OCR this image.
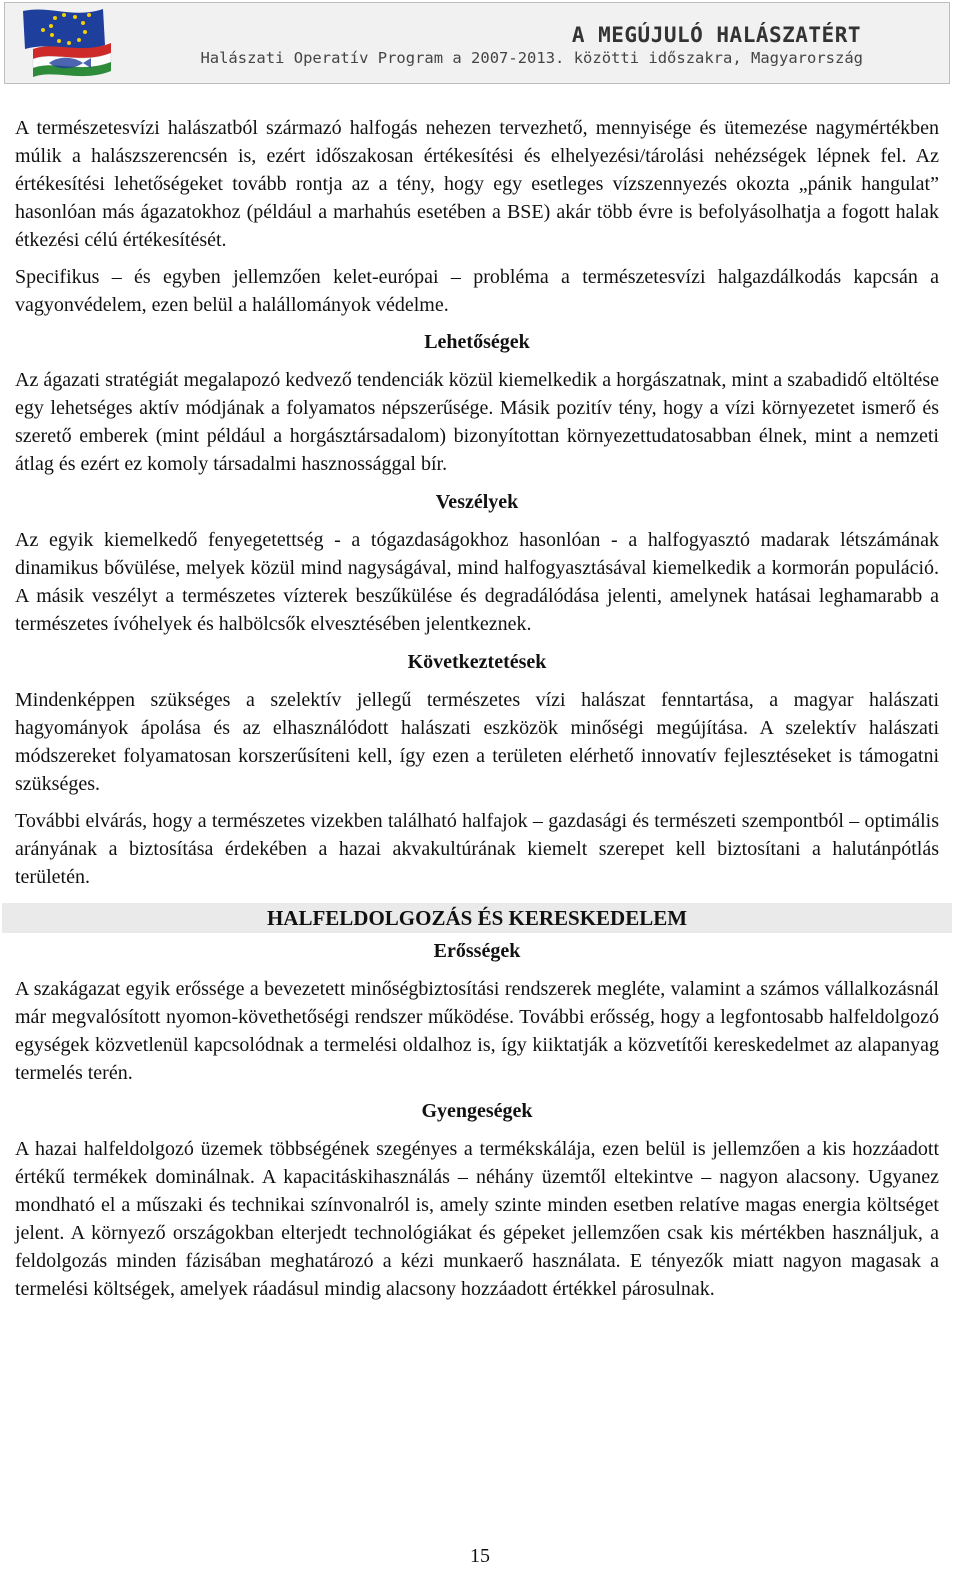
A MEGÚJULÓ HALÁSZATÉRT
Halászati Operatív Program a 2007-2013. közötti időszakra, Magyarország

A természetesvízi halászatból származó halfogás nehezen tervezhető, mennyisége és ütemezése nagymértékben múlik a halászszerencsén is, ezért időszakosan értékesítési és elhelyezési/tárolási nehézségek lépnek fel. Az értékesítési lehetőségeket tovább rontja az a tény, hogy egy esetleges vízszennyezés okozta „pánik hangulat” hasonlóan más ágazatokhoz (például a marhahús esetében a BSE) akár több évre is befolyásolhatja a fogott halak étkezési célú értékesítését.

Specifikus – és egyben jellemzően kelet-európai – probléma a természetesvízi halgazdálkodás kapcsán a vagyonvédelem, ezen belül a halállományok védelme.

Lehetőségek

Az ágazati stratégiát megalapozó kedvező tendenciák közül kiemelkedik a horgászatnak, mint a szabadidő eltöltése egy lehetséges aktív módjának a folyamatos népszerűsége. Másik pozitív tény, hogy a vízi környezetet ismerő és szerető emberek (mint például a horgásztársadalom) bizonyítottan környezettudatosabban élnek, mint a nemzeti átlag és ezért ez komoly társadalmi hasznossággal bír.

Veszélyek

Az egyik kiemelkedő fenyegetettség - a tógazdaságokhoz hasonlóan - a halfogyasztó madarak létszámának dinamikus bővülése, melyek közül mind nagyságával, mind halfogyasztásával kiemelkedik a kormorán populáció. A másik veszélyt a természetes vízterek beszűkülése és degradálódása jelenti, amelynek hatásai leghamarabb a természetes ívóhelyek és halbölcsők elvesztésében jelentkeznek.

Következtetések

Mindenképpen szükséges a szelektív jellegű természetes vízi halászat fenntartása, a magyar halászati hagyományok ápolása és az elhasználódott halászati eszközök minőségi megújítása. A szelektív halászati módszereket folyamatosan korszerűsíteni kell, így ezen a területen elérhető innovatív fejlesztéseket is támogatni szükséges.

További elvárás, hogy a természetes vizekben található halfajok – gazdasági és természeti szempontból – optimális arányának a biztosítása érdekében a hazai akvakultúrának kiemelt szerepet kell biztosítani a halutánpótlás területén.

HALFELDOLGOZÁS ÉS KERESKEDELEM
Erősségek

A szakágazat egyik erőssége a bevezetett minőségbiztosítási rendszerek megléte, valamint a számos vállalkozásnál már megvalósított nyomon-követhetőségi rendszer működése. További erősség, hogy a legfontosabb halfeldolgozó egységek közvetlenül kapcsolódnak a termelési oldalhoz is, így kiiktatják a közvetítői kereskedelmet az alapanyag termelés terén.

Gyengeségek

A hazai halfeldolgozó üzemek többségének szegényes a termékskálája, ezen belül is jellemzően a kis hozzáadott értékű termékek dominálnak. A kapacitáskihasználás – néhány üzemtől eltekintve – nagyon alacsony. Ugyanez mondható el a műszaki és technikai színvonalról is, amely szinte minden esetben relatíve magas energia költséget jelent. A környező országokban elterjedt technológiákat és gépeket jellemzően csak kis mértékben használjuk, a feldolgozás minden fázisában meghatározó a kézi munkaerő használata. E tényezők miatt nagyon magasak a termelési költségek, amelyek ráadásul mindig alacsony hozzáadott értékkel párosulnak.

15
